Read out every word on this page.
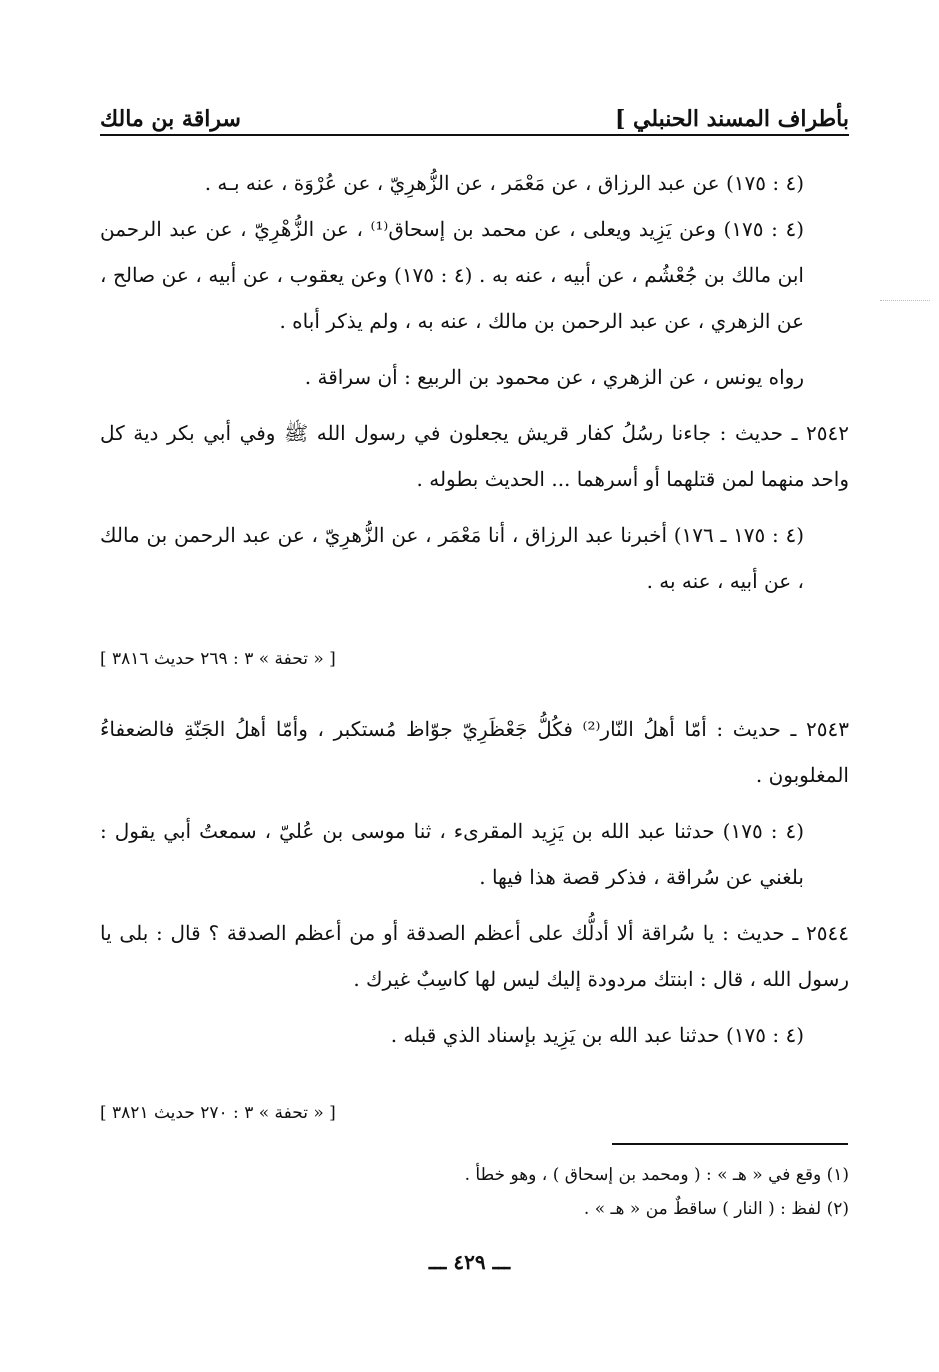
بأطراف المسند الحنبلي ]
سراقة بن مالك

(٤ : ١٧٥) عن عبد الرزاق ، عن مَعْمَر ، عن الزُّهرِيّ ، عن عُرْوَة ، عنه بـه .

(٤ : ١٧٥) وعن يَزِيد ويعلى ، عن محمد بن إسحاق⁽¹⁾ ، عن الزُّهْرِيّ ، عن عبد الرحمن ابن مالك بن جُعْشُم ، عن أبيه ، عنه به . (٤ : ١٧٥) وعن يعقوب ، عن أبيه ، عن صالح ، عن الزهري ، عن عبد الرحمن بن مالك ، عنه به ، ولم يذكر أباه .

رواه يونس ، عن الزهري ، عن محمود بن الربيع : أن سراقة .

٢٥٤٢ ـ حديث : جاءنا رسُلُ كفار قريش يجعلون في رسول الله ﷺ وفي أبي بكر دية كل واحد منهما لمن قتلهما أو أسرهما ... الحديث بطوله .

(٤ : ١٧٥ ـ ١٧٦) أخبرنا عبد الرزاق ، أنا مَعْمَر ، عن الزُّهرِيّ ، عن عبد الرحمن بن مالك ، عن أبيه ، عنه به .

[ « تحفة » ٣ : ٢٦٩ حديث ٣٨١٦ ]

٢٥٤٣ ـ حديث : أمّا أهلُ النّار⁽²⁾ فكُلُّ جَعْظَرِيّ جوّاظ مُستكبر ، وأمّا أهلُ الجَنّةِ فالضعفاءُ المغلوبون .

(٤ : ١٧٥) حدثنا عبد الله بن يَزِيد المقرىء ، ثنا موسى بن عُليّ ، سمعتُ أبي يقول : بلغني عن سُراقة ، فذكر قصة هذا فيها .

٢٥٤٤ ـ حديث : يا سُراقة ألا أدلُّك على أعظم الصدقة أو من أعظم الصدقة ؟ قال : بلى يا رسول الله ، قال : ابنتك مردودة إليك ليس لها كاسِبٌ غيرك .

(٤ : ١٧٥) حدثنا عبد الله بن يَزِيد بإسناد الذي قبله .

[ « تحفة » ٣ : ٢٧٠ حديث ٣٨٢١ ]

(١) وقع في « هـ » : ( ومحمد بن إسحاق ) ، وهو خطأ .
(٢) لفظ : ( النار ) ساقطٌ من « هـ » .
ـــ ٤٢٩ ـــ
